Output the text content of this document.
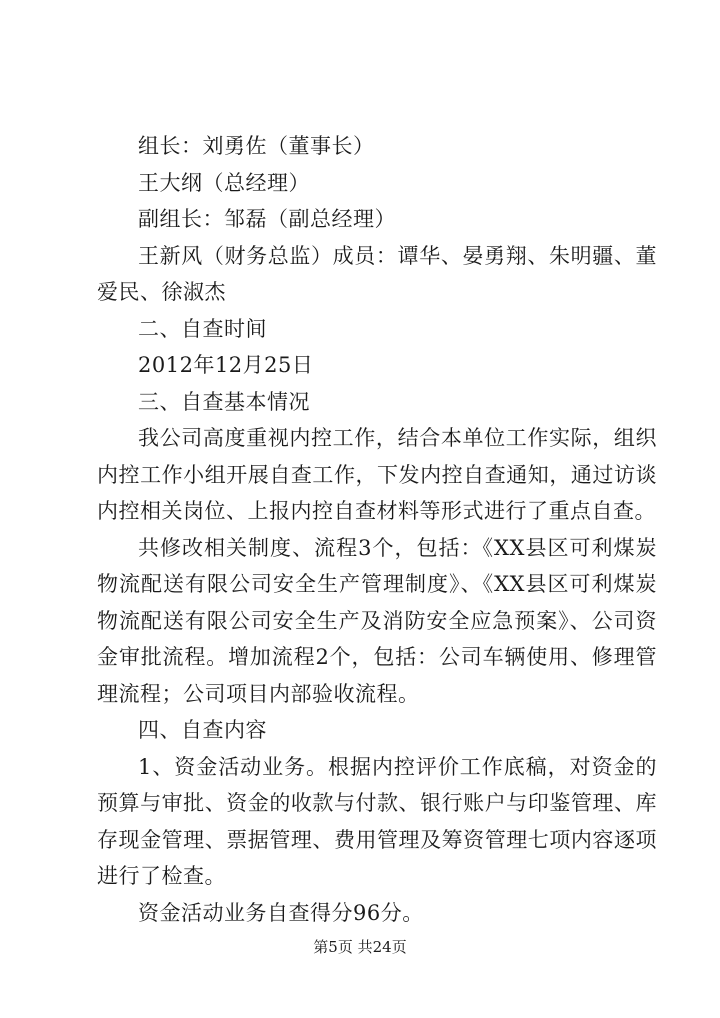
组长：刘勇佐（董事长）

王大纲（总经理）

副组长：邹磊（副总经理）

王新风（财务总监）成员：谭华、晏勇翔、朱明疆、董爱民、徐淑杰

二、自查时间

2012年12月25日

三、自查基本情况

我公司高度重视内控工作，结合本单位工作实际，组织内控工作小组开展自查工作，下发内控自查通知，通过访谈内控相关岗位、上报内控自查材料等形式进行了重点自查。

共修改相关制度、流程3个，包括：《XX县区可利煤炭物流配送有限公司安全生产管理制度》、《XX县区可利煤炭物流配送有限公司安全生产及消防安全应急预案》、公司资金审批流程。增加流程2个，包括：公司车辆使用、修理管理流程；公司项目内部验收流程。

四、自查内容

1、资金活动业务。根据内控评价工作底稿，对资金的预算与审批、资金的收款与付款、银行账户与印鉴管理、库存现金管理、票据管理、费用管理及筹资管理七项内容逐项进行了检查。

资金活动业务自查得分96分。

第5页 共24页
